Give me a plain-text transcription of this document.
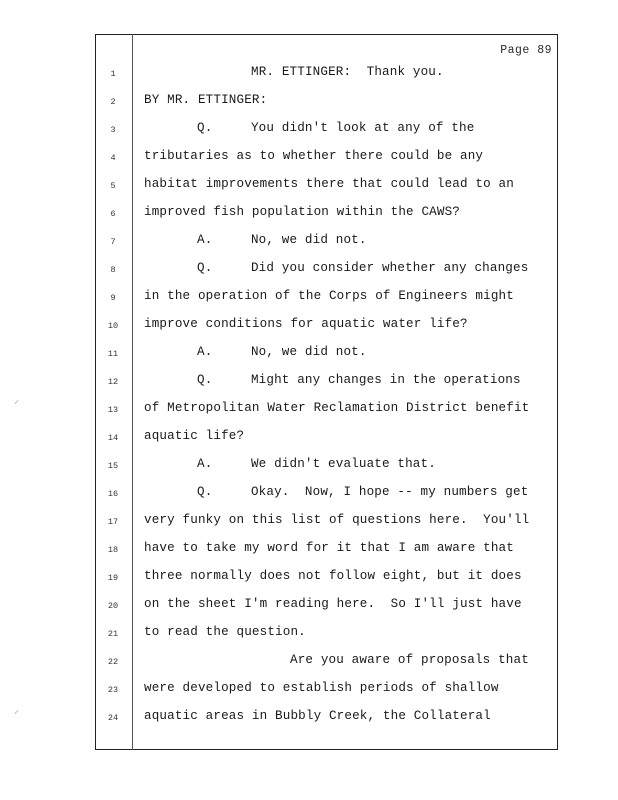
Page 89
⸝
⸝

1

	MR. ETTINGER:  Thank you.

2

	BY MR. ETTINGER:

3

	Q.     You didn't look at any of the

4

	tributaries as to whether there could be any

5

	habitat improvements there that could lead to an

6

	improved fish population within the CAWS?

7

	A.     No, we did not.

8

	Q.     Did you consider whether any changes

9

	in the operation of the Corps of Engineers might

10

	improve conditions for aquatic water life?

11

	A.     No, we did not.

12

	Q.     Might any changes in the operations

13

	of Metropolitan Water Reclamation District benefit

14

	aquatic life?

15

	A.     We didn't evaluate that.

16

	Q.     Okay.  Now, I hope -- my numbers get

17

	very funky on this list of questions here.  You'll

18

	have to take my word for it that I am aware that

19

	three normally does not follow eight, but it does

20

	on the sheet I'm reading here.  So I'll just have

21

	to read the question.

22

	Are you aware of proposals that

23

	were developed to establish periods of shallow

24

	aquatic areas in Bubbly Creek, the Collateral
